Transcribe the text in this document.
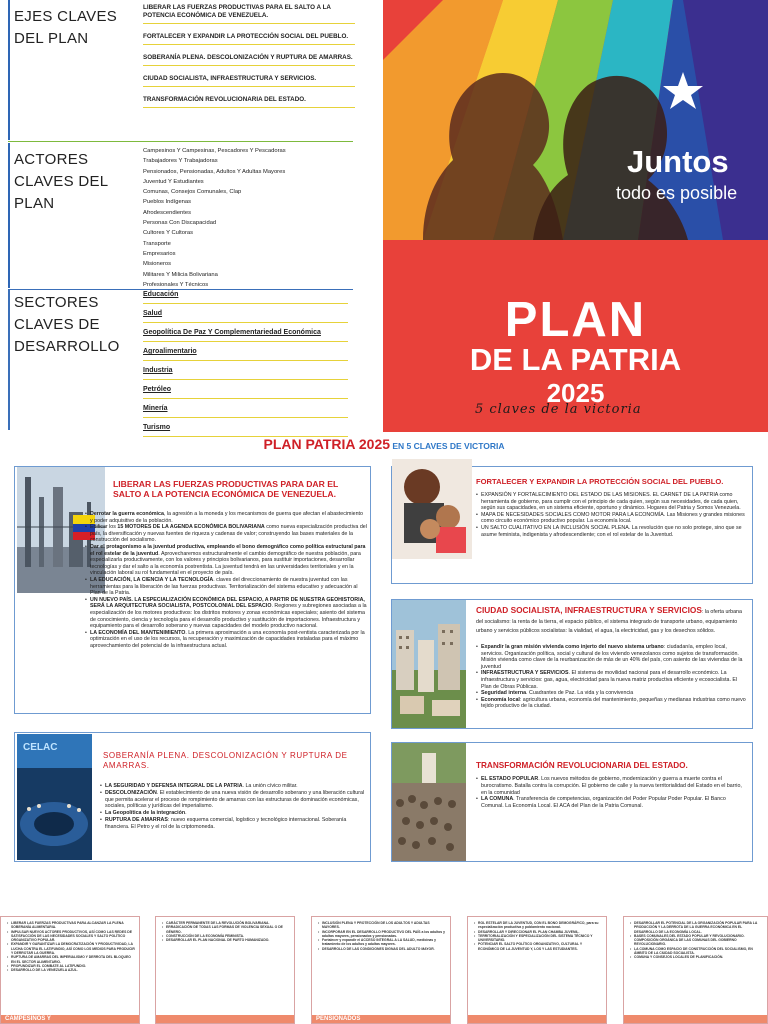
EJES CLAVES DEL PLAN
LIBERAR LAS FUERZAS PRODUCTIVAS PARA EL SALTO A LA POTENCIA ECONÓMICA DE VENEZUELA.
FORTALECER Y EXPANDIR LA PROTECCIÓN SOCIAL DEL PUEBLO.
SOBERANÍA PLENA. DESCOLONIZACIÓN Y RUPTURA DE AMARRAS.
CIUDAD SOCIALISTA, INFRAESTRUCTURA Y SERVICIOS.
TRANSFORMACIÓN REVOLUCIONARIA DEL ESTADO.
ACTORES CLAVES DEL PLAN
Campesinos Y Campesinas, Pescadores Y Pescadoras
Trabajadores Y Trabajadoras
Pensionados, Pensionadas, Adultos Y Adultas Mayores
Juventud Y Estudiantes
Comunas, Consejos Comunales, Clap
Pueblos Indígenas
Afrodescendientes
Personas Con Discapacidad
Cultores Y Cultoras
Transporte
Empresarios
Misioneros
Militares Y Milicia Bolivariana
Profesionales Y Técnicos
SECTORES CLAVES DE DESARROLLO
Educación
Salud
Geopolítica De Paz Y Complementariedad Económica
Agroalimentario
Industria
Petróleo
Minería
Turismo
Juntos
todo es posible
PLAN
DE LA PATRIA
2025
5 claves de la victoria
PLAN PATRIA 2025 EN 5 CLAVES DE VICTORIA
LIBERAR LAS FUERZAS PRODUCTIVAS PARA DAR EL SALTO A LA POTENCIA ECONÓMICA DE VENEZUELA.
• Derrotar la guerra económica, la agresión a la moneda y los mecanismos de guerra que afectan el abastecimiento y poder adquisitivo de la población.
• Edificar los 15 MOTORES DE LA AGENDA ECONÓMICA BOLIVARIANA como nueva especialización productiva del país, la diversificación y nuevas fuentes de riqueza y cadenas de valor; construyendo las bases materiales de la construcción del socialismo.
• Dar el protagonismo a la juventud productiva, empleando el bono demográfico como política estructural para el rol estelar de la juventud. Aprovecharemos estructuralmente el cambio demográfico de nuestra población, para especializarla productivamente, con los valores y principios bolivarianos, para sustituir importaciones, desarrollar tecnologías y dar el salto a la economía postrentista. La juventud tendrá en las universidades territoriales y en la vinculación laboral su rol fundamental en el proyecto de país.
• LA EDUCACIÓN, LA CIENCIA Y LA TECNOLOGÍA. claves del direccionamiento de nuestra juventud con las herramientas para la liberación de las fuerzas productivas. Territorialización del sistema educativo y adecuación al Plan de la Patria.
• UN NUEVO PAÍS. LA ESPECIALIZACIÓN ECONÓMICA DEL ESPACIO, A PARTIR DE NUESTRA GEOHISTORIA, SERÁ LA ARQUITECTURA SOCIALISTA, POSTCOLONIAL DEL ESPACIO. Regiones y subregiones asociadas a la especialización de los motores productivos: los distritos motores y zonas económicas especiales; asiento del sistema de conocimiento, ciencia y tecnología para el desarrollo productivo y sustitución de importaciones. Infraestructura y equipamiento para el desarrollo soberano y nuevas capacidades del modelo productivo nacional.
• LA ECONOMÍA DEL MANTENIMIENTO. La primera aproximación a una economía post-rentista caracterizada por la optimización en el uso de los recursos, la recuperación y maximización de capacidades instaladas para el máximo aprovechamiento del potencial de la infraestructura actual.
CELAC
SOBERANÍA PLENA. DESCOLONIZACIÓN Y RUPTURA DE AMARRAS.
• LA SEGURIDAD Y DEFENSA INTEGRAL DE LA PATRIA. La unión cívico militar.
• DESCOLONIZACIÓN. El establecimiento de una nueva visión de desarrollo soberano y una liberación cultural que permita acelerar el proceso de rompimiento de amarras con las estructuras de dominación económicas, sociales, políticas y jurídicas del imperialismo.
• La Geopolítica de la integración.
• RUPTURA DE AMARRAS: nuevo esquema comercial, logístico y tecnológico internacional. Soberanía financiera. El Petro y el rol de la criptomoneda.
FORTALECER Y EXPANDIR LA PROTECCIÓN SOCIAL DEL PUEBLO.
• EXPANSIÓN Y FORTALECIMIENTO DEL ESTADO DE LAS MISIONES. EL CARNET DE LA PATRIA como herramienta de gobierno, para cumplir con el principio de cada quien, según sus necesidades, de cada quien, según sus capacidades, en un sistema eficiente, oportuno y dinámico. Hogares del Patria y Somos Venezuela.
• MAPA DE NECESIDADES SOCIALES COMO MOTOR PARA LA ECONOMÍA. Las Misiones y grandes misiones como circuito económico productivo popular. La economía local.
• UN SALTO CUALITATIVO EN LA INCLUSIÓN SOCIAL PLENA. La revolución que no solo protege, sino que se asume feminista, indigenista y afrodescendiente; con el rol estelar de la Juventud.
CIUDAD SOCIALISTA, INFRAESTRUCTURA Y SERVICIOS: la oferta urbana del socialismo: la renta de la tierra, el espacio público, el sistema integrado de transporte urbano, equipamiento urbano y servicios públicos socialistas: la vialidad, el agua, la electricidad, gas y los desechos sólidos.
• Expandir la gran misión vivienda como injerto del nuevo sistema urbano: ciudadanía, empleo local, servicios. Organización política, social y cultural de los viviendo venezolanos como sujetos de transformación. Misión vivienda como clave de la reurbanización de más de un 40% del país, con asiento de las viviendas de la juventud
• INFRAESTRUCTURA Y SERVICIOS. El sistema de movilidad nacional para el desarrollo económico. La infraestructura y servicios: gas, agua, electricidad para la nueva matriz productiva eficiente y ecosocialista. El Plan de Obras Públicas.
• Seguridad interna. Cuadrantes de Paz. La vida y la convivencia
• Economía local: agricultura urbana, economía del mantenimiento, pequeñas y medianas industrias como nuevo tejido productivo de la ciudad.
TRANSFORMACIÓN REVOLUCIONARIA DEL ESTADO.
• EL ESTADO POPULAR. Los nuevos métodos de gobierno, modernización y guerra a muerte contra el burocratismo. Batalla contra la corrupción. El gobierno de calle y la nueva territorialidad del Estado en el barrio, en la comunidad
• LA COMUNA. Transferencia de competencias, organización del Poder Popular Poder Popular. El Banco Comunal. La Economía Local. El ACA del Plan de la Patria Comunal.
• LIBERAR LAS FUERZAS PRODUCTIVAS PARA ALCANZAR LA PLENA SOBERANÍA ALIMENTARIA.
• IMPULSAR NUEVOS ACTORES PRODUCTIVOS, ASÍ COMO LAS REDES DE SATISFACCIÓN DE LAS NECESIDADES SOCIALES Y SALTO POLÍTICO ORGANIZATIVO POPULAR.
• EXPANDIR Y GARANTIZAR LA DEMOCRATIZACIÓN Y PRODUCTIVIDAD, LA LUCHA CONTRA EL LATIFUNDIO, ASÍ COMO LOS MEDIOS PARA PRODUCIR Y DERROTAR LA GUERRA.
• RUPTURA DE AMARRAS DEL IMPERIALISMO Y DERROTA DEL BLOQUEO EN EL SECTOR ALIMENTARIO.
• PROFUNDIZAR EL COMBATE AL LATIFUNDIO.
• DESARROLLO DE LA VENEZUELA AZUL.
CAMPESINOS Y
• CARÁCTER PERMANENTE DE LA REVOLUCIÓN BOLIVARIANA.
• ERRADICACIÓN DE TODAS LAS FORMAS DE VIOLENCIA SEXUAL O DE GÉNERO.
• CONSTRUCCIÓN DE LA ECONOMÍA FEMINISTA.
• DESARROLLAR EL PLAN NACIONAL DE PARTO HUMANIZADO.
• INCLUSIÓN PLENA Y PROTECCIÓN DE LOS ADULTOS Y ADULTAS MAYORES.
• INCORPORAR EN EL DESARROLLO PRODUCTIVO DEL PAÍS a los adultos y adultas mayores, pensionados y pensionadas.
• Fortalecer y expandir el ACCESO INTEGRAL A LA SALUD, medicinas y tratamiento de los adultos y adultas mayores.
• DESARROLLO DE LAS CONDICIONES DIGNAS DEL ADULTO MAYOR.
PENSIONADOS
• ROL ESTELAR DE LA JUVENTUD, CON EL BONO DEMOGRÁFICO, para su especialización productiva y poblamiento nacional.
• DESARROLLAR Y DIRECCIONAR EL PLAN CHAMBA JUVENIL.
• TERRITORIALIZACIÓN Y ESPECIALIZACIÓN DEL SISTEMA TÉCNICO Y UNIVERSITARIO.
• POTENCIAR EL SALTO POLÍTICO ORGANIZATIVO, CULTURAL Y ECONÓMICO DE LA JUVENTUD Y, LOS Y LAS ESTUDIANTES.
• DESARROLLAR EL POTENCIAL DE LA ORGANIZACIÓN POPULAR PARA LA PRODUCCIÓN Y LA DERROTA DE LA GUERRA ECONÓMICA EN EL DESARROLLO DE LA ECONOMÍA LOCAL.
• BASES COMUNALES DEL ESTADO POPULAR Y REVOLUCIONARIO. COMPOSICIÓN ORGÁNICA DE LAS COMUNAS DEL GOBIERNO REVOLUCIONARIO.
• LA COMUNA COMO ESPACIO DE CONSTRUCCIÓN DEL SOCIALISMO, EN ÁMBITO DE LA CIUDAD SOCIALISTA.
• COMUNA Y CONSEJOS LOCALES DE PLANIFICACIÓN.
